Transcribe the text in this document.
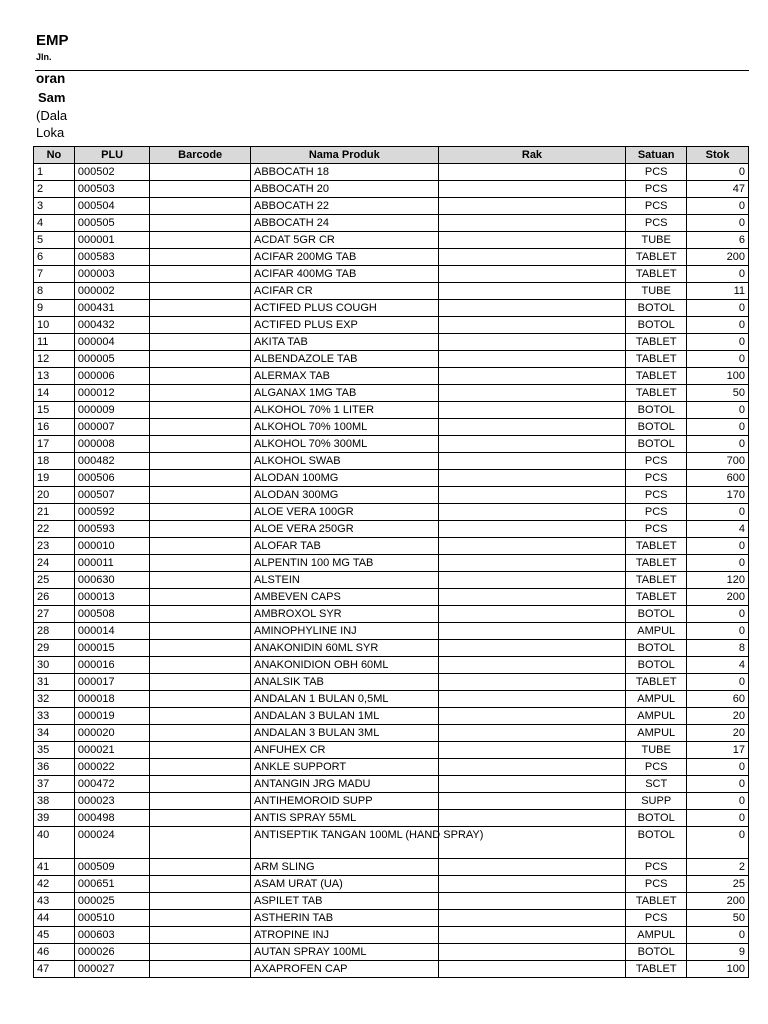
EMP
Jln.
oran
Sam
(Dala
Loka
No	PLU	Barcode	Nama Produk	Rak	Satuan	Stok
1	000502		ABBOCATH 18		PCS	0
2	000503		ABBOCATH 20		PCS	47
3	000504		ABBOCATH 22		PCS	0
4	000505		ABBOCATH 24		PCS	0
5	000001		ACDAT 5GR CR		TUBE	6
6	000583		ACIFAR 200MG TAB		TABLET	200
7	000003		ACIFAR 400MG TAB		TABLET	0
8	000002		ACIFAR CR		TUBE	11
9	000431		ACTIFED PLUS COUGH		BOTOL	0
10	000432		ACTIFED PLUS EXP		BOTOL	0
11	000004		AKITA TAB		TABLET	0
12	000005		ALBENDAZOLE TAB		TABLET	0
13	000006		ALERMAX TAB		TABLET	100
14	000012		ALGANAX 1MG TAB		TABLET	50
15	000009		ALKOHOL 70% 1 LITER		BOTOL	0
16	000007		ALKOHOL 70% 100ML		BOTOL	0
17	000008		ALKOHOL 70% 300ML		BOTOL	0
18	000482		ALKOHOL SWAB		PCS	700
19	000506		ALODAN 100MG		PCS	600
20	000507		ALODAN 300MG		PCS	170
21	000592		ALOE VERA 100GR		PCS	0
22	000593		ALOE VERA 250GR		PCS	4
23	000010		ALOFAR TAB		TABLET	0
24	000011		ALPENTIN 100 MG TAB		TABLET	0
25	000630		ALSTEIN		TABLET	120
26	000013		AMBEVEN CAPS		TABLET	200
27	000508		AMBROXOL SYR		BOTOL	0
28	000014		AMINOPHYLINE INJ		AMPUL	0
29	000015		ANAKONIDIN 60ML SYR		BOTOL	8
30	000016		ANAKONIDION OBH 60ML		BOTOL	4
31	000017		ANALSIK TAB		TABLET	0
32	000018		ANDALAN 1 BULAN 0,5ML		AMPUL	60
33	000019		ANDALAN 3 BULAN 1ML		AMPUL	20
34	000020		ANDALAN 3 BULAN 3ML		AMPUL	20
35	000021		ANFUHEX CR		TUBE	17
36	000022		ANKLE SUPPORT		PCS	0
37	000472		ANTANGIN JRG MADU		SCT	0
38	000023		ANTIHEMOROID SUPP		SUPP	0
39	000498		ANTIS SPRAY 55ML		BOTOL	0
40	000024		ANTISEPTIK TANGAN 100ML (HAND SPRAY)		BOTOL	0
41	000509		ARM SLING		PCS	2
42	000651		ASAM URAT (UA)		PCS	25
43	000025		ASPILET TAB		TABLET	200
44	000510		ASTHERIN TAB		PCS	50
45	000603		ATROPINE INJ		AMPUL	0
46	000026		AUTAN SPRAY 100ML		BOTOL	9
47	000027		AXAPROFEN CAP		TABLET	100
